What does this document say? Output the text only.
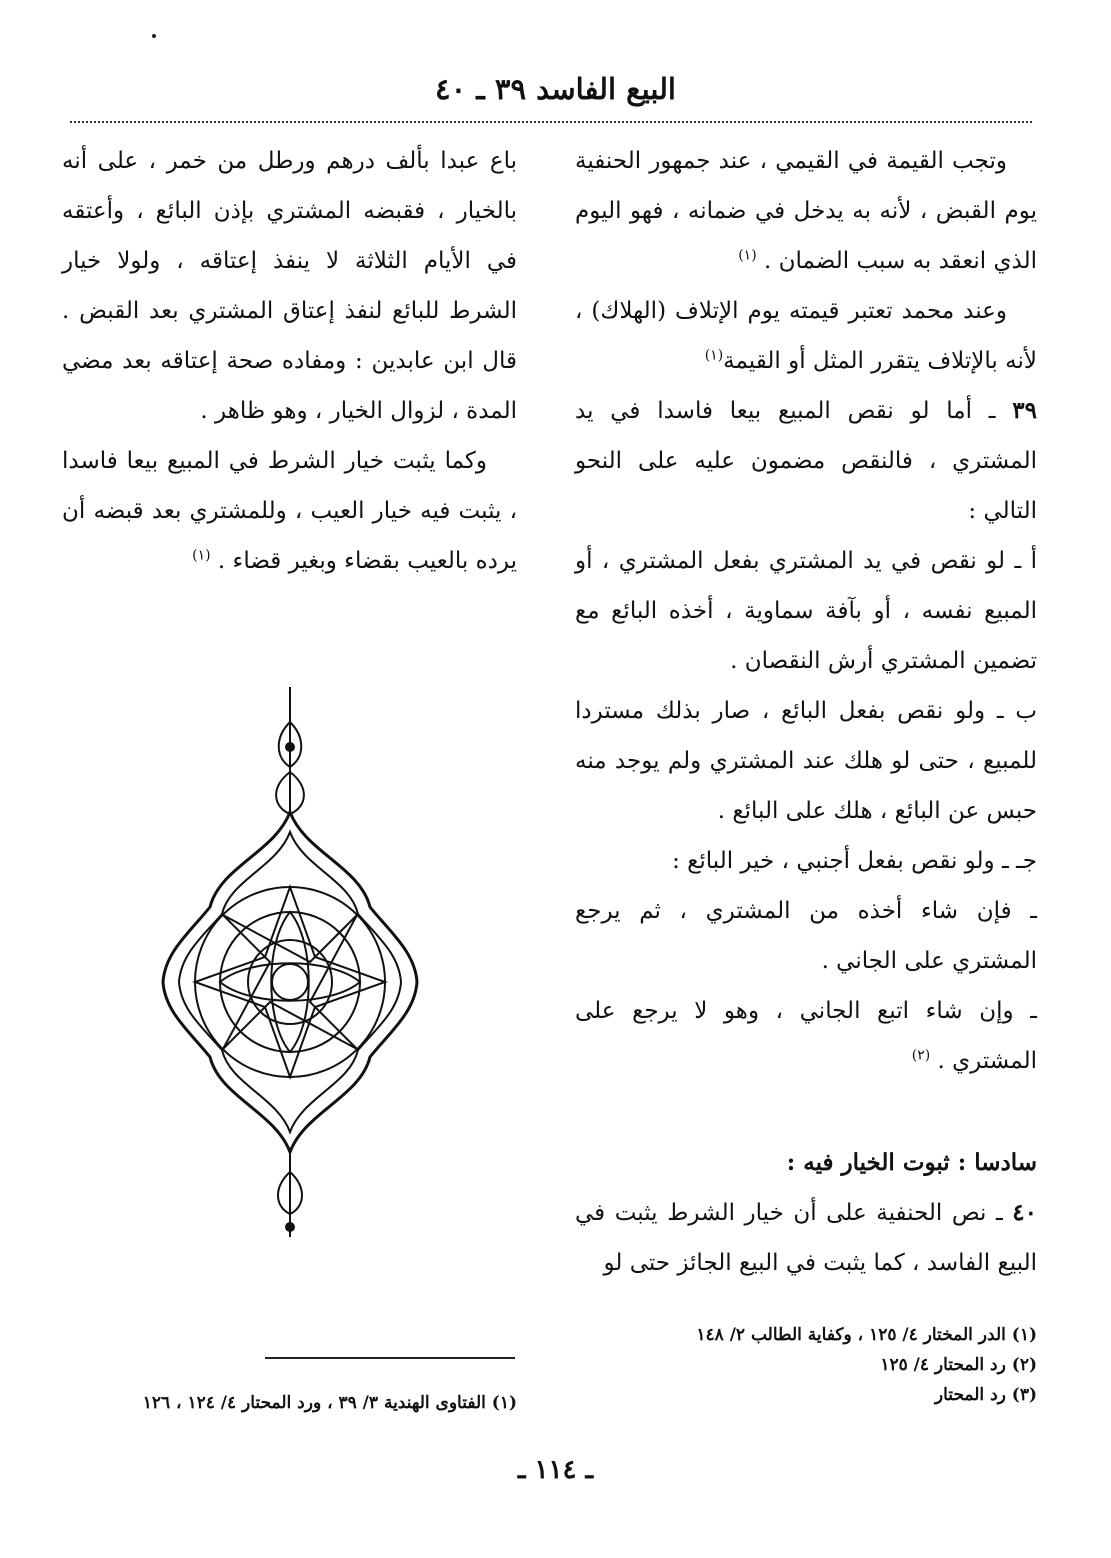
البيع الفاسد ٣٩ ـ ٤٠

وتجب القيمة في القيمي ، عند جمهور الحنفية يوم القبض ، لأنه به يدخل في ضمانه ، فهو اليوم الذي انعقد به سبب الضمان . $^{(١)}$

وعند محمد تعتبر قيمته يوم الإتلاف (الهلاك) ، لأنه بالإتلاف يتقرر المثل أو القيمة$^{(١)}$

٣٩ ـ أما لو نقص المبيع بيعا فاسدا في يد المشتري ، فالنقص مضمون عليه على النحو التالي :

أ ـ لو نقص في يد المشتري بفعل المشتري ، أو المبيع نفسه ، أو بآفة سماوية ، أخذه البائع مع تضمين المشتري أرش النقصان .

ب ـ ولو نقص بفعل البائع ، صار بذلك مستردا للمبيع ، حتى لو هلك عند المشتري ولم يوجد منه حبس عن البائع ، هلك على البائع .

جـ ـ ولو نقص بفعل أجنبي ، خير البائع :

ـ فإن شاء أخذه من المشتري ، ثم يرجع المشتري على الجاني .

ـ وإن شاء اتبع الجاني ، وهو لا يرجع على المشتري . $^{(٢)}$

سادسا : ثبوت الخيار فيه :

٤٠ ـ نص الحنفية على أن خيار الشرط يثبت في البيع الفاسد ، كما يثبت في البيع الجائز حتى لو

باع عبدا بألف درهم ورطل من خمر ، على أنه بالخيار ، فقبضه المشتري بإذن البائع ، وأعتقه في الأيام الثلاثة لا ينفذ إعتاقه ، ولولا خيار الشرط للبائع لنفذ إعتاق المشتري بعد القبض . قال ابن عابدين : ومفاده صحة إعتاقه بعد مضي المدة ، لزوال الخيار ، وهو ظاهر .

وكما يثبت خيار الشرط في المبيع بيعا فاسدا ، يثبت فيه خيار العيب ، وللمشتري بعد قبضه أن يرده بالعيب بقضاء وبغير قضاء . $^{(١)}$

(١) الدر المختار ٤/ ١٢٥ ، وكفاية الطالب ٢/ ١٤٨
(٢) رد المحتار ٤/ ١٢٥
(٣) رد المحتار
(١) الفتاوى الهندية ٣/ ٣٩ ، ورد المحتار ٤/ ١٢٤ ، ١٢٦
ـ ١١٤ ـ
